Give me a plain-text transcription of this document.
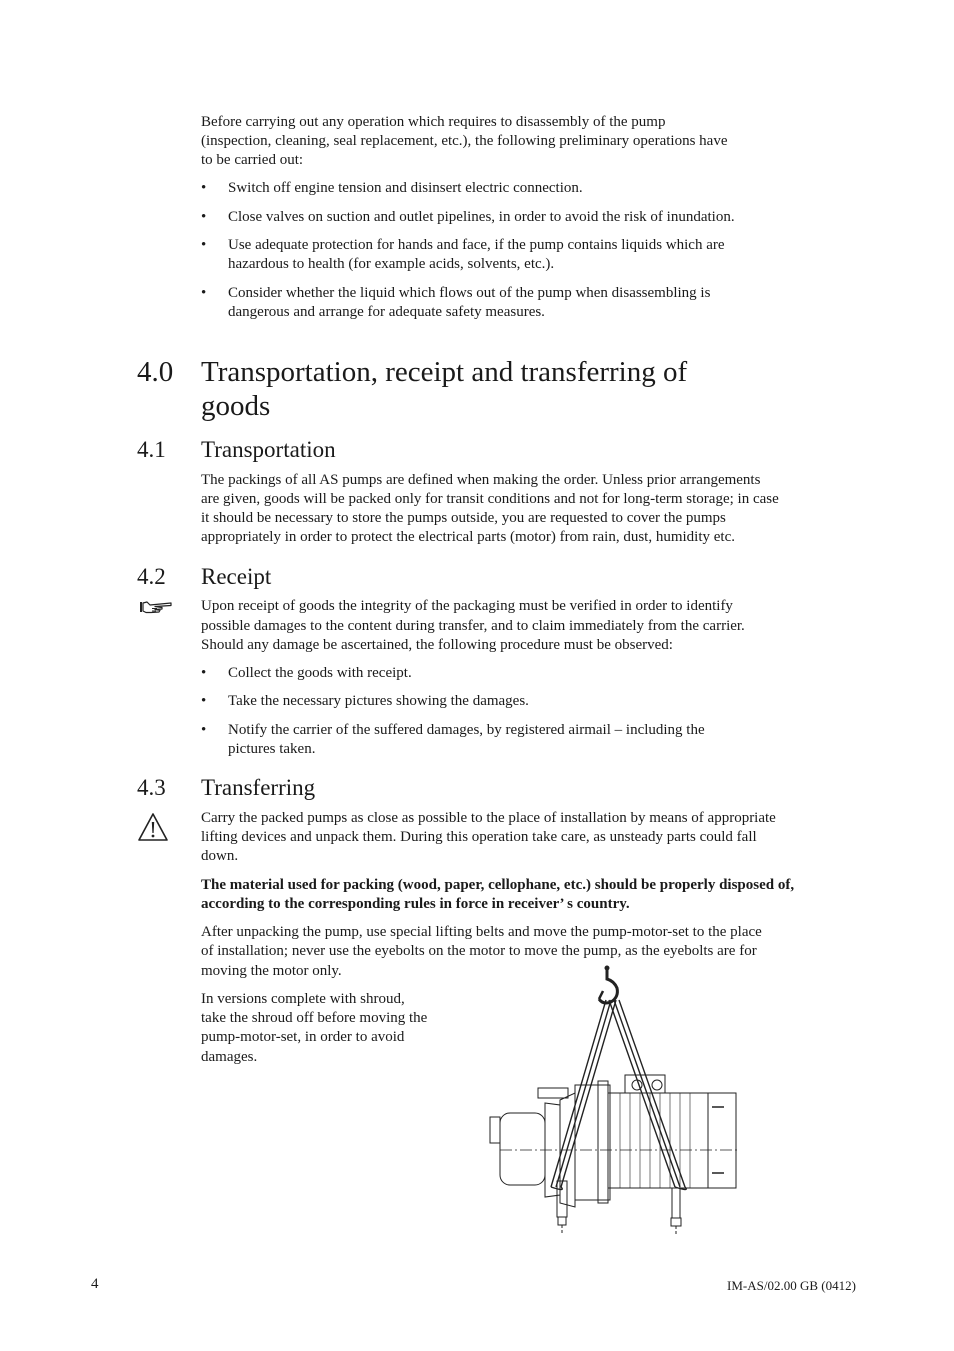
Before carrying out any operation which requires to disassembly of the pump
(inspection, cleaning, seal replacement, etc.), the following preliminary operations have
to be carried out:
• Switch off engine tension and disinsert electric connection.
• Close valves on suction and outlet pipelines, in order to avoid the risk of inundation.
• Use adequate protection for hands and face, if the pump contains liquids which are
hazardous to health (for example acids, solvents, etc.).
• Consider whether the liquid which flows out of the pump when disassembling is
dangerous and arrange for adequate safety measures.
4.0 Transportation, receipt and transferring of
goods
4.1 Transportation
The packings of all AS pumps are defined when making the order. Unless prior arrangements
are given, goods will be packed only for transit conditions and not for long-term storage; in case
it should be necessary to store the pumps outside, you are requested to cover the pumps
appropriately in order to protect the electrical parts (motor) from rain, dust, humidity etc.
4.2 Receipt
Upon receipt of goods the integrity of the packaging must be verified in order to identify
possible damages to the content during transfer, and to claim immediately from the carrier.
Should any damage be ascertained, the following procedure must be observed:
• Collect the goods with receipt.
• Take the necessary pictures showing the damages.
• Notify the carrier of the suffered damages, by registered airmail – including the
pictures taken.
4.3 Transferring
Carry the packed pumps as close as possible to the place of installation by means of appropriate
lifting devices and unpack them. During this operation take care, as unsteady parts could fall
down.
The material used for packing (wood, paper, cellophane, etc.) should be properly disposed of,
according to the corresponding rules in force in receiver’ s country.
After unpacking the pump, use special lifting belts and move the pump-motor-set to the place
of installation; never use the eyebolts on the motor to move the pump, as the eyebolts are for
moving the motor only.
In versions complete with shroud,
take the shroud off before moving the
pump-motor-set, in order to avoid
damages.
4	IM-AS/02.00 GB (0412)
